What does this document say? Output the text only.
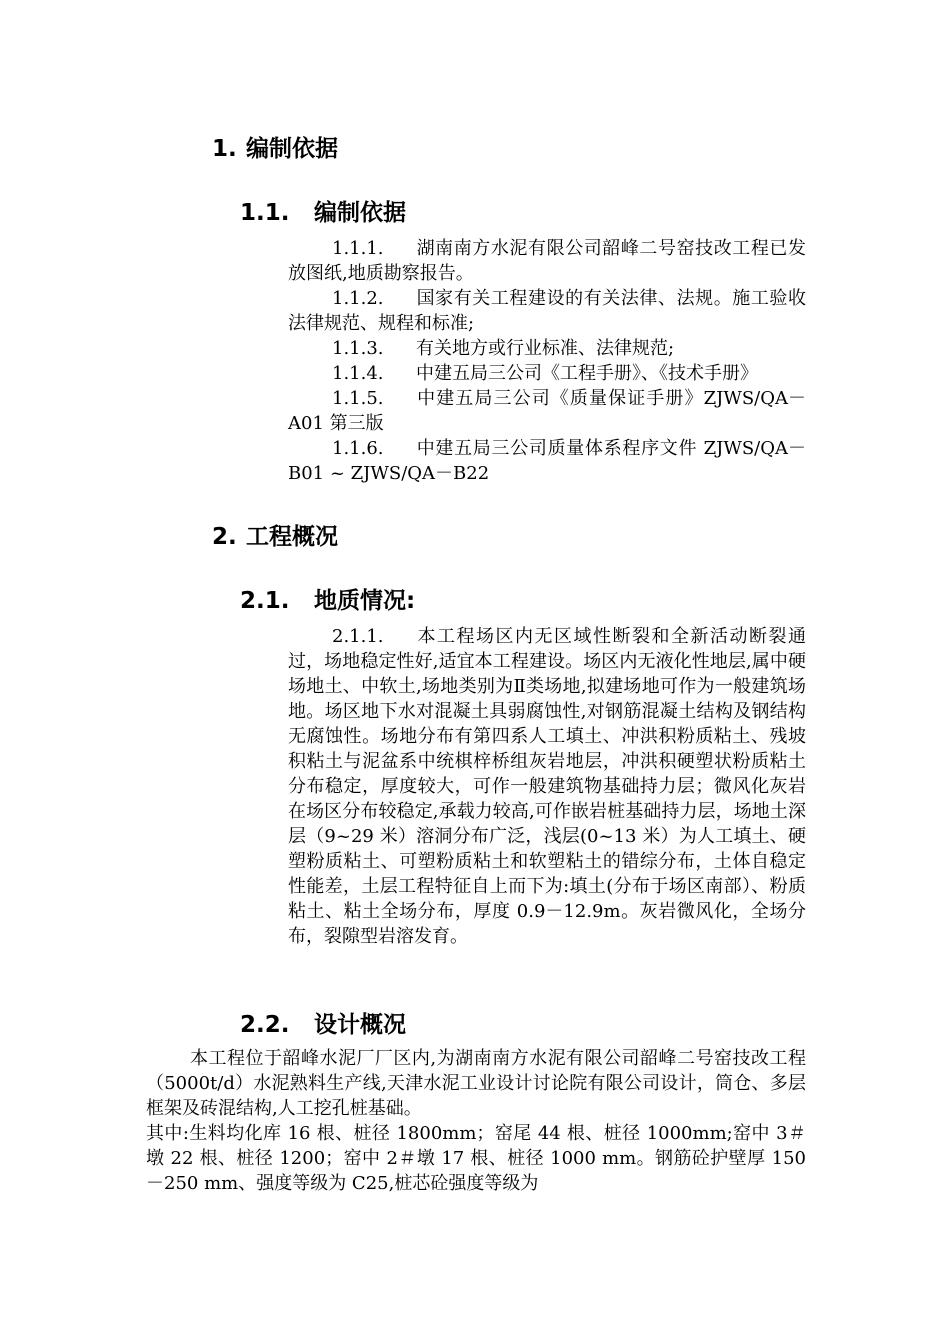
1. 编制依据
1.1. 编制依据
1.1.1. 湖南南方水泥有限公司韶峰二号窑技改工程已发放图纸,地质勘察报告。
1.1.2. 国家有关工程建设的有关法律、法规。施工验收法律规范、规程和标准;
1.1.3. 有关地方或行业标准、法律规范;
1.1.4. 中建五局三公司《工程手册》、《技术手册》
1.1.5. 中建五局三公司《质量保证手册》ZJWS/QA－A01 第三版
1.1.6. 中建五局三公司质量体系程序文件 ZJWS/QA－B01 ~ ZJWS/QA－B22
2. 工程概况
2.1. 地质情况:
2.1.1. 本工程场区内无区域性断裂和全新活动断裂通过，场地稳定性好,适宜本工程建设。场区内无液化性地层,属中硬场地土、中软土,场地类别为Ⅱ类场地,拟建场地可作为一般建筑场地。场区地下水对混凝土具弱腐蚀性,对钢筋混凝土结构及钢结构无腐蚀性。场地分布有第四系人工填土、冲洪积粉质粘土、残坡积粘土与泥盆系中统棋梓桥组灰岩地层，冲洪积硬塑状粉质粘土分布稳定，厚度较大，可作一般建筑物基础持力层；微风化灰岩在场区分布较稳定,承载力较高,可作嵌岩桩基础持力层，场地土深层（9~29 米）溶洞分布广泛，浅层(0~13 米）为人工填土、硬塑粉质粘土、可塑粉质粘土和软塑粘土的错综分布，土体自稳定性能差，土层工程特征自上而下为:填土(分布于场区南部）、粉质粘土、粘土全场分布，厚度 0.9－12.9m。灰岩微风化，全场分布，裂隙型岩溶发育。
2.2. 设计概况

本工程位于韶峰水泥厂厂区内,为湖南南方水泥有限公司韶峰二号窑技改工程（5000t/d）水泥熟料生产线,天津水泥工业设计讨论院有限公司设计，筒仓、多层框架及砖混结构,人工挖孔桩基础。

其中:生料均化库 16 根、桩径 1800mm；窑尾 44 根、桩径 1000mm;窑中 3＃墩 22 根、桩径 1200；窑中 2＃墩 17 根、桩径 1000 mm。钢筋砼护壁厚 150－250 mm、强度等级为 C25,桩芯砼强度等级为
